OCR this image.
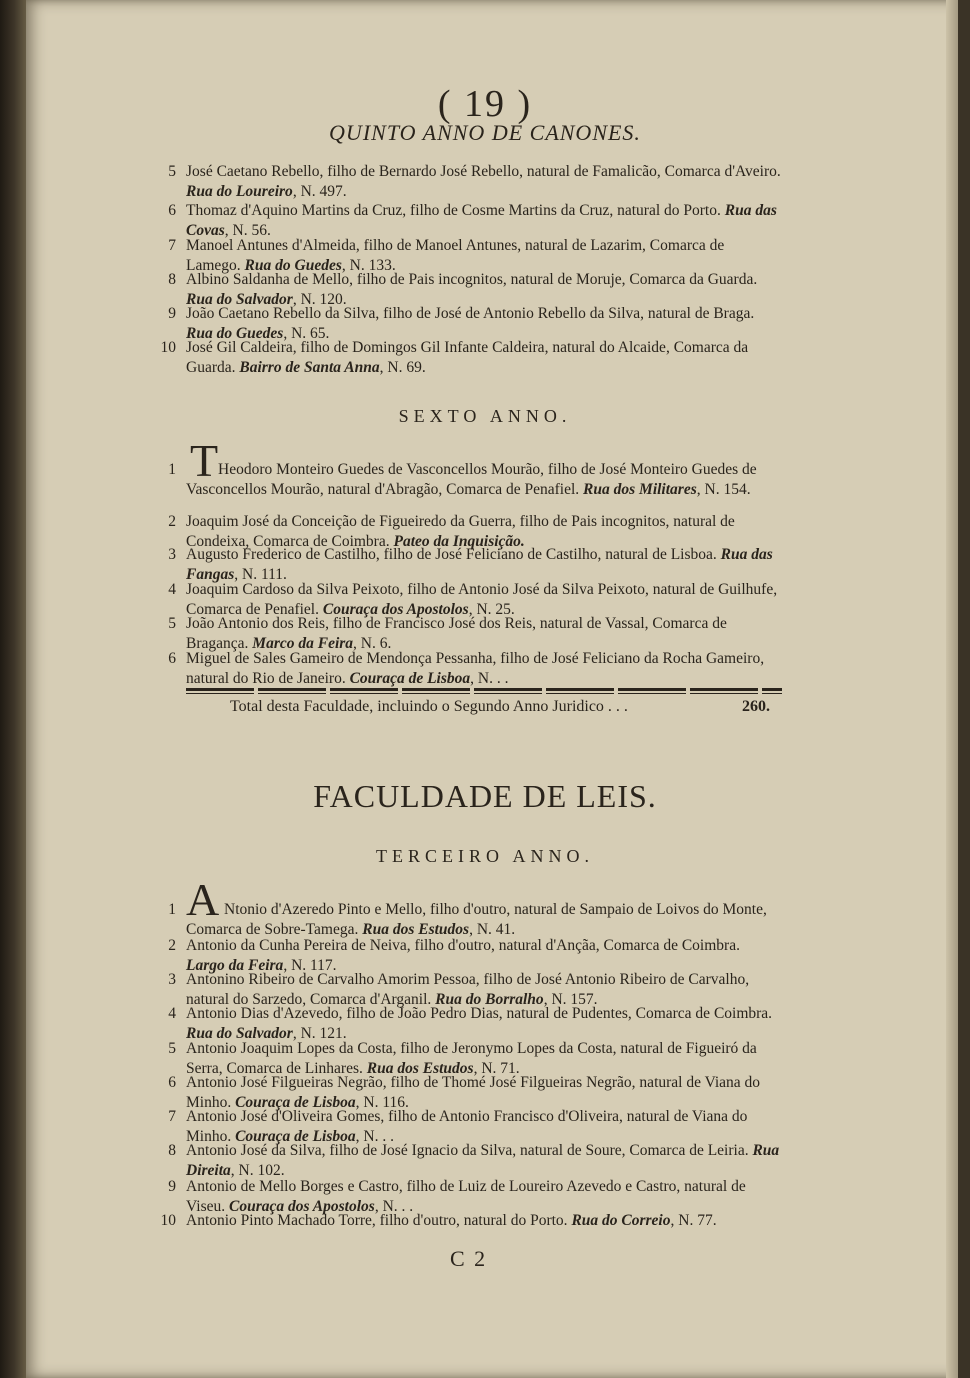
( 19 )
QUINTO ANNO DE CANONES.
5 José Caetano Rebello, filho de Bernardo José Rebello, natural de Famalicão, Comarca d'Aveiro. Rua do Loureiro, N. 497.
6 Thomaz d'Aquino Martins da Cruz, filho de Cosme Martins da Cruz, natural do Porto. Rua das Covas, N. 56.
7 Manoel Antunes d'Almeida, filho de Manoel Antunes, natural de Lazarim, Comarca de Lamego. Rua do Guedes, N. 133.
8 Albino Saldanha de Mello, filho de Pais incognitos, natural de Moruje, Comarca da Guarda. Rua do Salvador, N. 120.
9 João Caetano Rebello da Silva, filho de José de Antonio Rebello da Silva, natural de Braga. Rua do Guedes, N. 65.
10 José Gil Caldeira, filho de Domingos Gil Infante Caldeira, natural do Alcaide, Comarca da Guarda. Bairro de Santa Anna, N. 69.
SEXTO ANNO.
T
1	Heodoro Monteiro Guedes de Vasconcellos Mourão, filho de José Monteiro Guedes de Vasconcellos Mourão, natural d'Abragão, Comarca de Penafiel. Rua dos Militares, N. 154.
2 Joaquim José da Conceição de Figueiredo da Guerra, filho de Pais incognitos, natural de Condeixa, Comarca de Coimbra. Pateo da Inquisição.
3 Augusto Frederico de Castilho, filho de José Feliciano de Castilho, natural de Lisboa. Rua das Fangas, N. 111.
4 Joaquim Cardoso da Silva Peixoto, filho de Antonio José da Silva Peixoto, natural de Guilhufe, Comarca de Penafiel. Couraça dos Apostolos, N. 25.
5 João Antonio dos Reis, filho de Francisco José dos Reis, natural de Vassal, Comarca de Bragança. Marco da Feira, N. 6.
6 Miguel de Sales Gameiro de Mendonça Pessanha, filho de José Feliciano da Rocha Gameiro, natural do Rio de Janeiro. Couraça de Lisboa, N. . .
Total desta Faculdade, incluindo o Segundo Anno Juridico . . .	260.
FACULDADE DE LEIS.
TERCEIRO ANNO.
A
1	Ntonio d'Azeredo Pinto e Mello, filho d'outro, natural de Sampaio de Loivos do Monte, Comarca de Sobre-Tamega. Rua dos Estudos, N. 41.
2 Antonio da Cunha Pereira de Neiva, filho d'outro, natural d'Ançãa, Comarca de Coimbra. Largo da Feira, N. 117.
3 Antonino Ribeiro de Carvalho Amorim Pessoa, filho de José Antonio Ribeiro de Carvalho, natural do Sarzedo, Comarca d'Arganil. Rua do Borralho, N. 157.
4 Antonio Dias d'Azevedo, filho de João Pedro Dias, natural de Pudentes, Comarca de Coimbra. Rua do Salvador, N. 121.
5 Antonio Joaquim Lopes da Costa, filho de Jeronymo Lopes da Costa, natural de Figueiró da Serra, Comarca de Linhares. Rua dos Estudos, N. 71.
6 Antonio José Filgueiras Negrão, filho de Thomé José Filgueiras Negrão, natural de Viana do Minho. Couraça de Lisboa, N. 116.
7 Antonio José d'Oliveira Gomes, filho de Antonio Francisco d'Oliveira, natural de Viana do Minho. Couraça de Lisboa, N. . .
8 Antonio José da Silva, filho de José Ignacio da Silva, natural de Soure, Comarca de Leiria. Rua Direita, N. 102.
9 Antonio de Mello Borges e Castro, filho de Luiz de Loureiro Azevedo e Castro, natural de Viseu. Couraça dos Apostolos, N. . .
10 Antonio Pinto Machado Torre, filho d'outro, natural do Porto. Rua do Correio, N. 77.
C 2
